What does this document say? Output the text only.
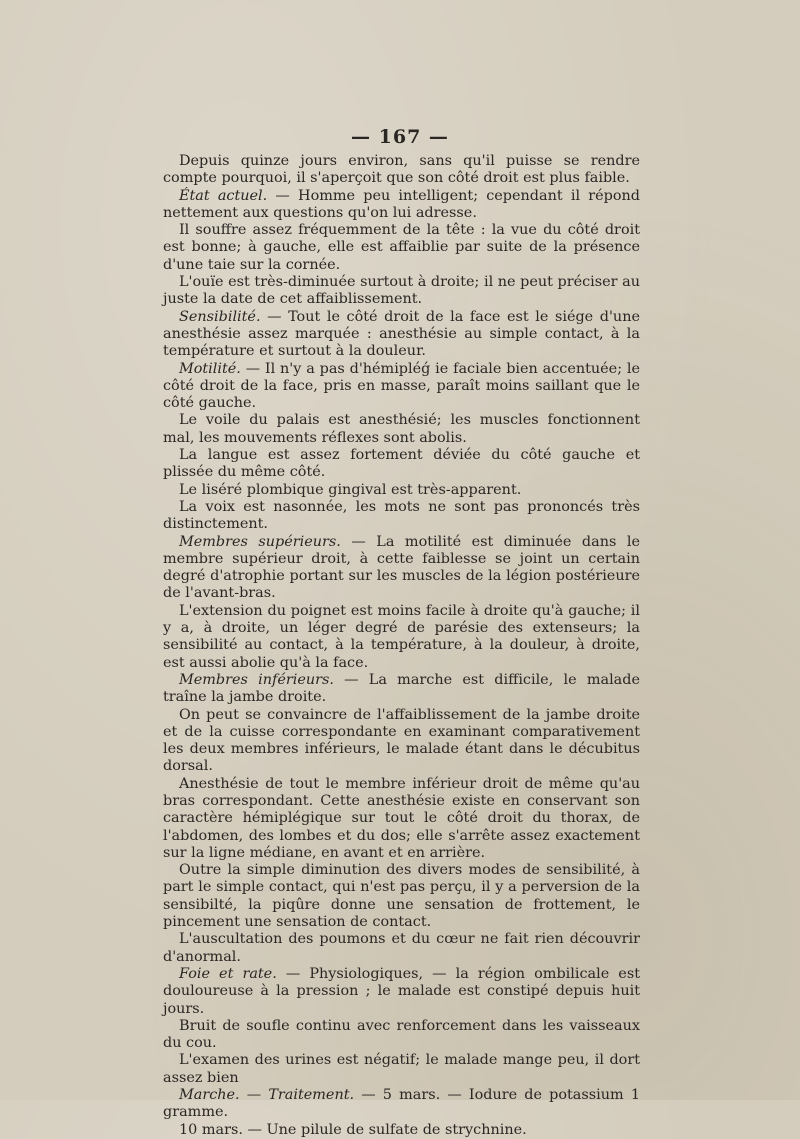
— 167 —

Depuis quinze jours environ, sans qu'il puisse se rendre compte pourquoi, il s'aperçoit que son côté droit est plus faible.

État actuel. — Homme peu intelligent; cependant il répond nettement aux questions qu'on lui adresse.

Il souffre assez fréquemment de la tête : la vue du côté droit est bonne; à gauche, elle est affaiblie par suite de la présence d'une taie sur la cornée.

L'ouïe est très-diminuée surtout à droite; il ne peut préciser au juste la date de cet affaiblissement.

Sensibilité. — Tout le côté droit de la face est le siége d'une anesthésie assez marquée : anesthésie au simple contact, à la température et surtout à la douleur.

Motilité. — Il n'y a pas d'hémipléǵ ie faciale bien accentuée; le côté droit de la face, pris en masse, paraît moins saillant que le côté gauche.

Le voile du palais est anesthésié; les muscles fonctionnent mal, les mouvements réflexes sont abolis.

La langue est assez fortement déviée du côté gauche et plissée du même côté.

Le liséré plombique gingival est très-apparent.

La voix est nasonnée, les mots ne sont pas prononcés très distinctement.

Membres supérieurs. — La motilité est diminuée dans le membre supérieur droit, à cette faiblesse se joint un certain degré d'atrophie portant sur les muscles de la légion postérieure de l'avant-bras.

L'extension du poignet est moins facile à droite qu'à gauche; il y a, à droite, un léger degré de parésie des extenseurs; la sensibilité au contact, à la température, à la douleur, à droite, est aussi abolie qu'à la face.

Membres inférieurs. — La marche est difficile, le malade traîne la jambe droite.

On peut se convaincre de l'affaiblissement de la jambe droite et de la cuisse correspondante en examinant comparativement les deux membres inférieurs, le malade étant dans le décubitus dorsal.

Anesthésie de tout le membre inférieur droit de même qu'au bras correspondant. Cette anesthésie existe en conservant son caractère hémiplégique sur tout le côté droit du thorax, de l'abdomen, des lombes et du dos; elle s'arrête assez exactement sur la ligne médiane, en avant et en arrière.

Outre la simple diminution des divers modes de sensibilité, à part le simple contact, qui n'est pas perçu, il y a perversion de la sensibilté, la piqûre donne une sensation de frottement, le pincement une sensation de contact.

L'auscultation des poumons et du cœur ne fait rien découvrir d'anormal.

Foie et rate. — Physiologiques, — la région ombilicale est douloureuse à la pression ; le malade est constipé depuis huit jours.

Bruit de soufle continu avec renforcement dans les vaisseaux du cou.

L'examen des urines est négatif; le malade mange peu, il dort assez bien

Marche. — Traitement. — 5 mars. — Iodure de potassium 1 gramme.

10 mars. — Une pilule de sulfate de strychnine.
